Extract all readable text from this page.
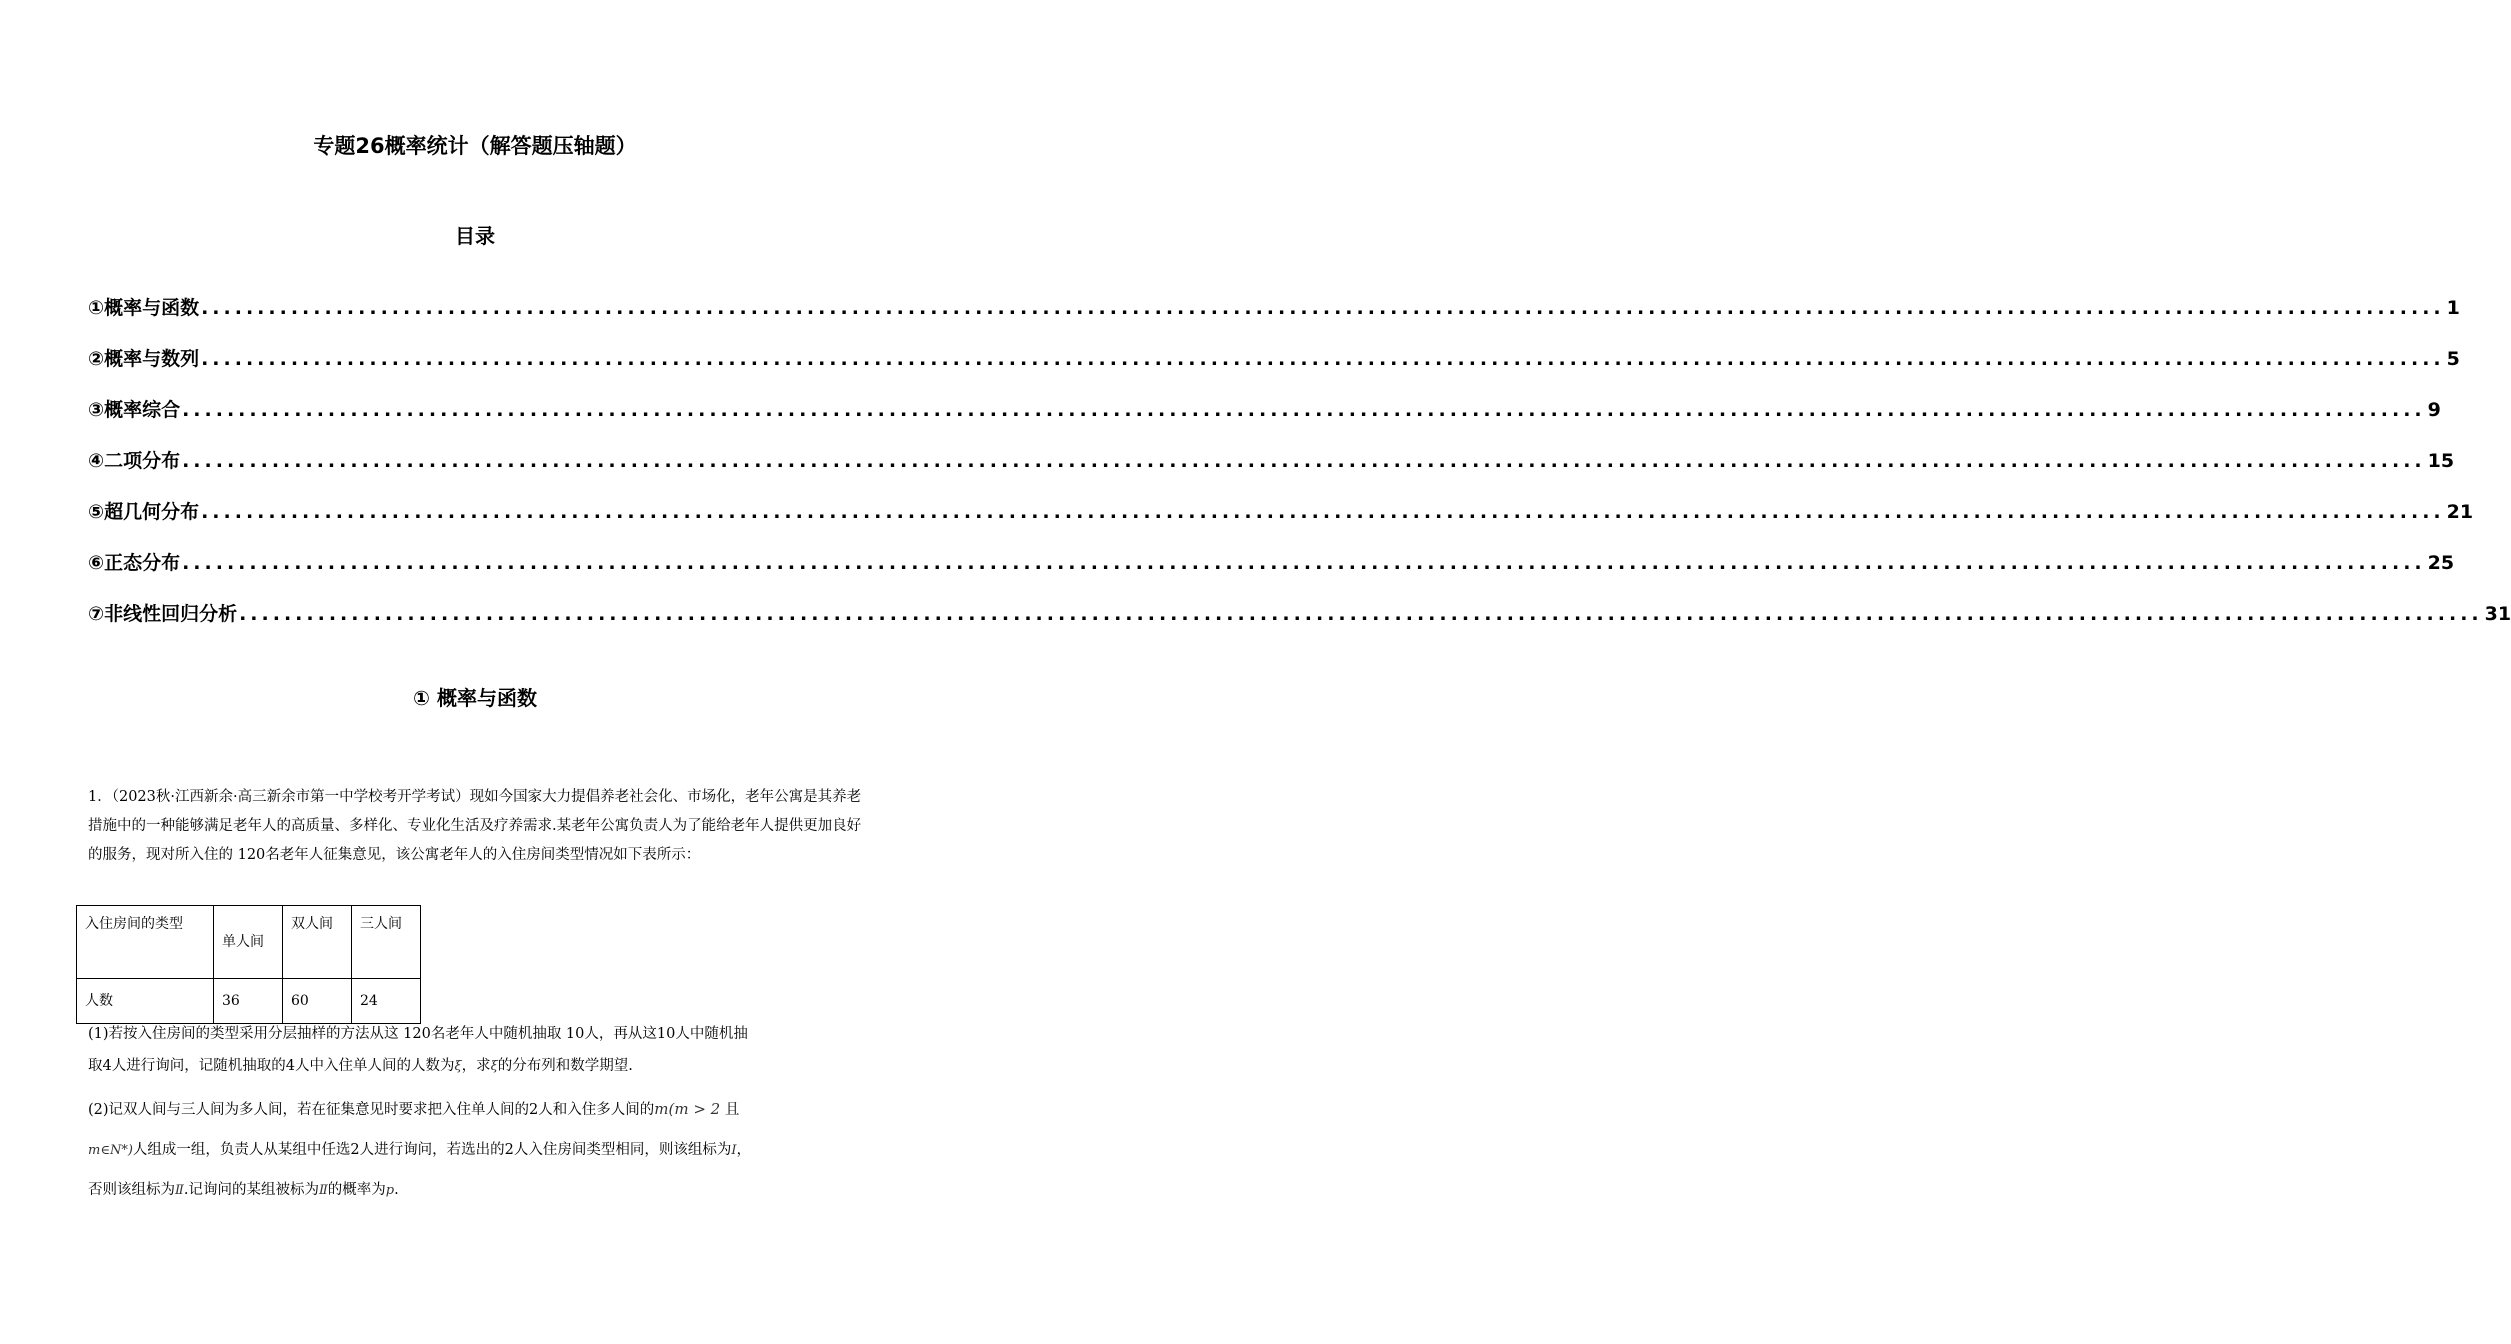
专题26概率统计（解答题压轴题）
目录
①概率与函数 ........................................................................................................................................................................................................ 1
②概率与数列 ........................................................................................................................................................................................................ 5
③概率综合 ........................................................................................................................................................................................................ 9
④二项分布 ........................................................................................................................................................................................................ 15
⑤超几何分布 ........................................................................................................................................................................................................ 21
⑥正态分布 ........................................................................................................................................................................................................ 25
⑦非线性回归分析 ........................................................................................................................................................................................................ 31
① 概率与函数

1．（2023秋·江西新余·高三新余市第一中学校考开学考试）现如今国家大力提倡养老社会化、市场化，老年公寓是其养老措施中的一种能够满足老年人的高质量、多样化、专业化生活及疗养需求.某老年公寓负责人为了能给老年人提供更加良好的服务，现对所入住的 120名老年人征集意见，该公寓老年人的入住房间类型情况如下表所示：

入住房间的类型	单人间	双人间	三人间
人数	36	60	24
(1)若按入住房间的类型采用分层抽样的方法从这 120名老年人中随机抽取 10人，再从这10人中随机抽
取4人进行询问，记随机抽取的4人中入住单人间的人数为ξ，求ξ的分布列和数学期望.
(2)记双人间与三人间为多人间，若在征集意见时要求把入住单人间的2人和入住多人间的m(m > 2 且
m∈N*)人组成一组，负责人从某组中任选2人进行询问，若选出的2人入住房间类型相同，则该组标为Ⅰ，
否则该组标为Ⅱ.记询问的某组被标为Ⅱ的概率为p.
